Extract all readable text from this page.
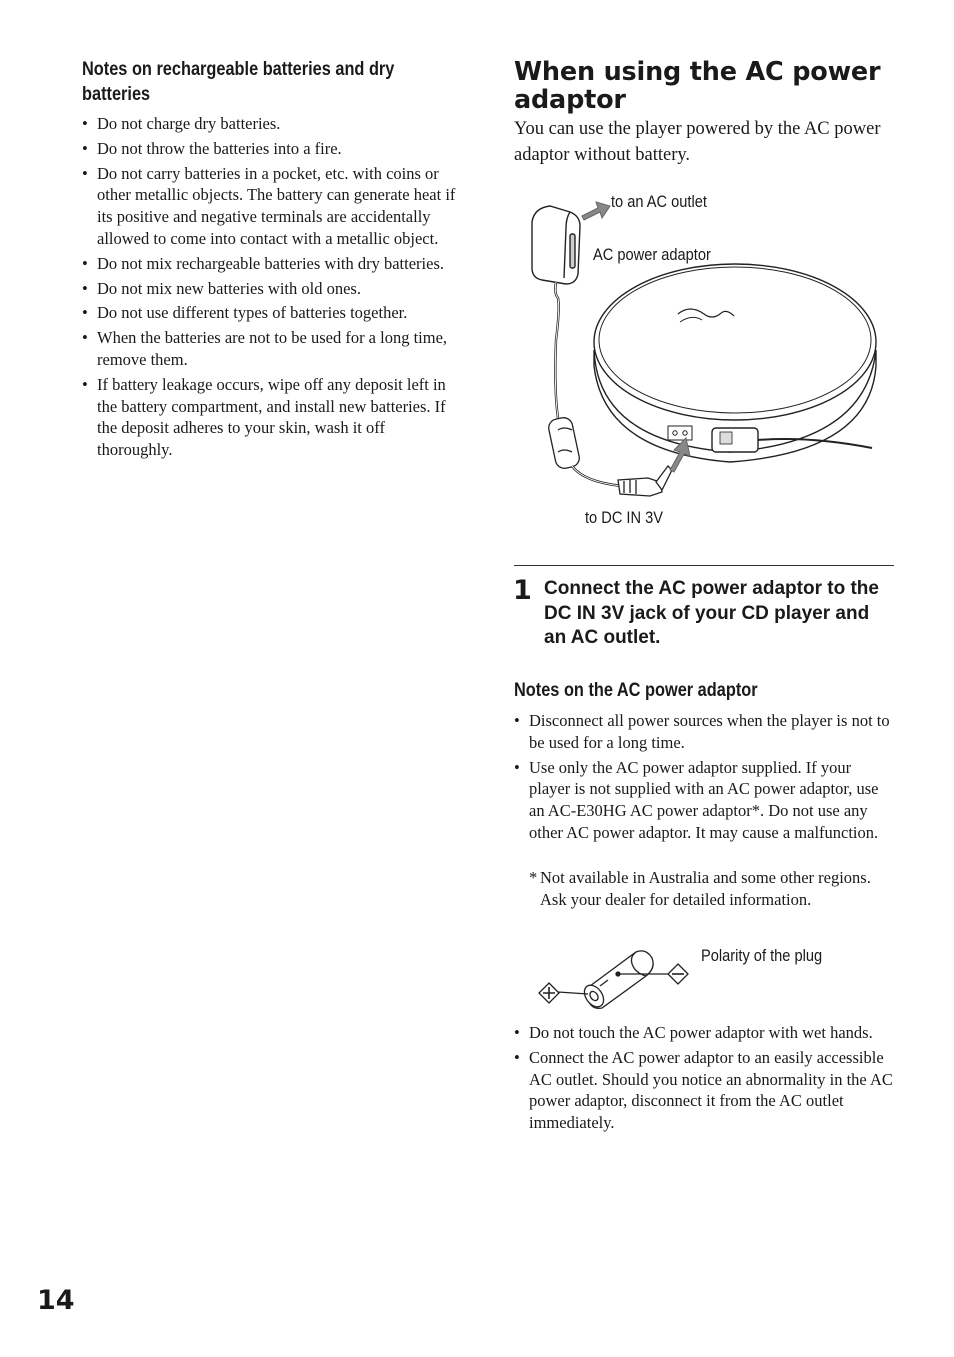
Notes on rechargeable batteries and dry batteries
• Do not charge dry batteries.
• Do not throw the batteries into a fire.
• Do not carry batteries in a pocket, etc. with coins or other metallic objects. The battery can generate heat if its positive and negative terminals are accidentally allowed to come into contact with a metallic object.
• Do not mix rechargeable batteries with dry batteries.
• Do not mix new batteries with old ones.
• Do not use different types of batteries together.
• When the batteries are not to be used for a long time, remove them.
• If battery leakage occurs, wipe off any deposit left in the battery compartment, and install new batteries. If the deposit adheres to your skin, wash it off thoroughly.
When using the AC power adaptor
You can use the player powered by the AC power adaptor without battery.
to an AC outlet
AC power adaptor
to DC IN 3V
1 Connect the AC power adaptor to the DC IN 3V jack of your CD player and an AC outlet.
Notes on the AC power adaptor
• Disconnect all power sources when the player is not to be used for a long time.
• Use only the AC power adaptor supplied. If your player is not supplied with an AC power adaptor, use an AC-E30HG AC power adaptor*. Do not use any other AC power adaptor. It may cause a malfunction.
* Not available in Australia and some other regions. Ask your dealer for detailed information.
Polarity of the plug
• Do not touch the AC power adaptor with wet hands.
• Connect the AC power adaptor to an easily accessible AC outlet. Should you notice an abnormality in the AC power adaptor, disconnect it from the AC outlet immediately.
14
